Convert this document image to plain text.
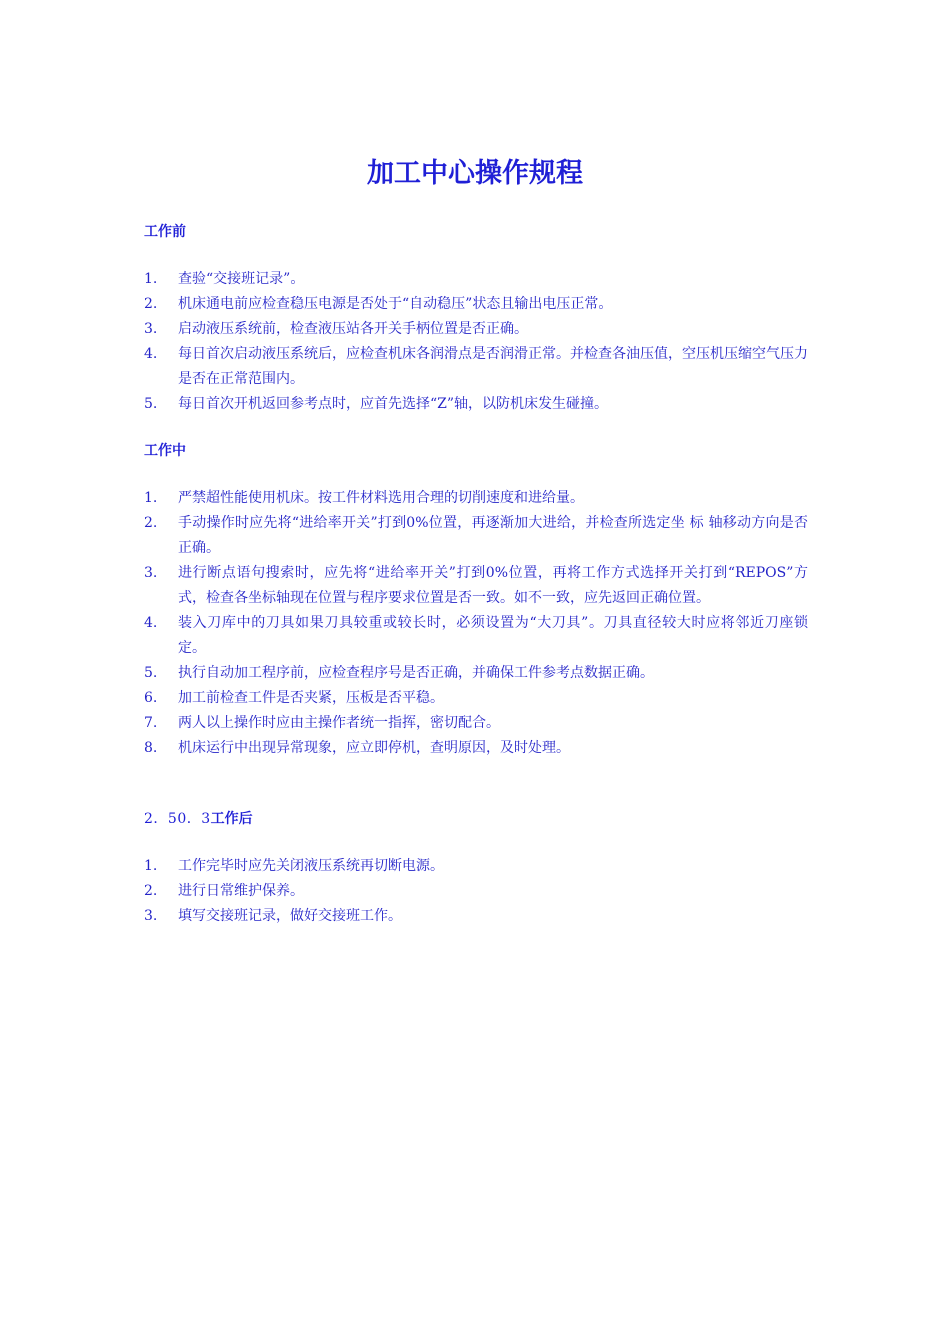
加工中心操作规程
工作前
1.	查验“交接班记录”。
2.	机床通电前应检查稳压电源是否处于“自动稳压”状态且输出电压正常。
3.	启动液压系统前，检查液压站各开关手柄位置是否正确。
4.	每日首次启动液压系统后，应检查机床各润滑点是否润滑正常。并检查各油压值，空压机压缩空气压力是否在正常范围内。
5.	每日首次开机返回参考点时，应首先选择“Z”轴，以防机床发生碰撞。
工作中
1.	严禁超性能使用机床。按工件材料选用合理的切削速度和进给量。
2.	手动操作时应先将“进给率开关”打到0%位置，再逐渐加大进给，并检查所选定坐 标 轴移动方向是否正确。
3.	进行断点语句搜索时，应先将“进给率开关”打到0%位置，再将工作方式选择开关打到“REPOS”方式，检查各坐标轴现在位置与程序要求位置是否一致。如不一致，应先返回正确位置。
4.	装入刀库中的刀具如果刀具较重或较长时，必须设置为“大刀具”。刀具直径较大时应将邻近刀座锁定。
5.	执行自动加工程序前，应检查程序号是否正确，并确保工件参考点数据正确。
6.	加工前检查工件是否夹紧，压板是否平稳。
7.	两人以上操作时应由主操作者统一指挥，密切配合。
8.	机床运行中出现异常现象，应立即停机，查明原因，及时处理。
2．50．3工作后
1.	工作完毕时应先关闭液压系统再切断电源。
2.	进行日常维护保养。
3.	填写交接班记录，做好交接班工作。
